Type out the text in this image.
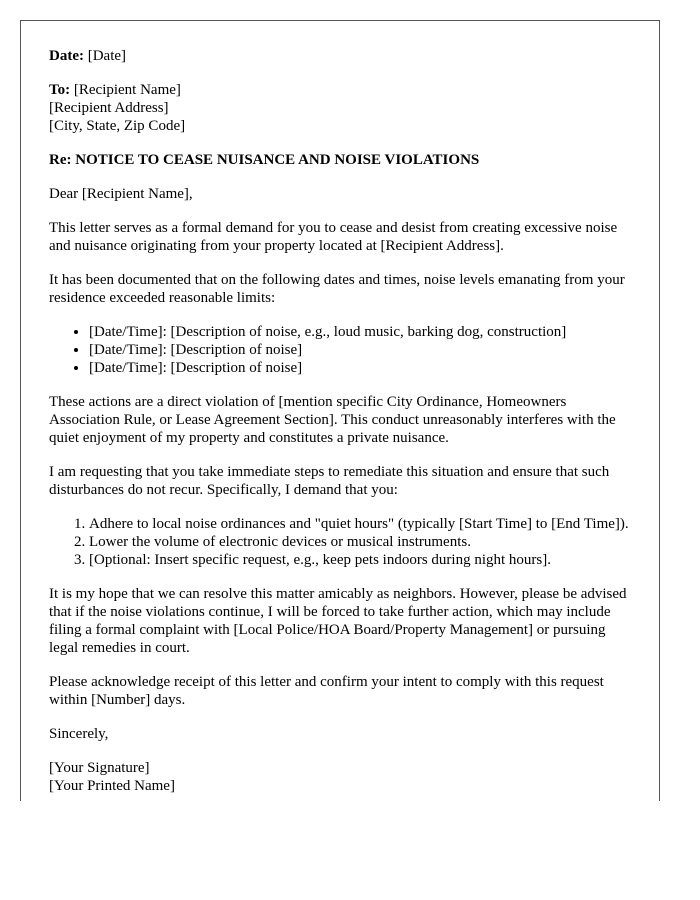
Date: [Date]

To: [Recipient Name]
[Recipient Address]
[City, State, Zip Code]

Re: NOTICE TO CEASE NUISANCE AND NOISE VIOLATIONS

Dear [Recipient Name],

This letter serves as a formal demand for you to cease and desist from creating excessive noise and nuisance originating from your property located at [Recipient Address].

It has been documented that on the following dates and times, noise levels emanating from your residence exceeded reasonable limits:

• [Date/Time]: [Description of noise, e.g., loud music, barking dog, construction]
• [Date/Time]: [Description of noise]
• [Date/Time]: [Description of noise]

These actions are a direct violation of [mention specific City Ordinance, Homeowners Association Rule, or Lease Agreement Section]. This conduct unreasonably interferes with the quiet enjoyment of my property and constitutes a private nuisance.

I am requesting that you take immediate steps to remediate this situation and ensure that such disturbances do not recur. Specifically, I demand that you:

1. Adhere to local noise ordinances and "quiet hours" (typically [Start Time] to [End Time]).
2. Lower the volume of electronic devices or musical instruments.
3. [Optional: Insert specific request, e.g., keep pets indoors during night hours].

It is my hope that we can resolve this matter amicably as neighbors. However, please be advised that if the noise violations continue, I will be forced to take further action, which may include filing a formal complaint with [Local Police/HOA Board/Property Management] or pursuing legal remedies in court.

Please acknowledge receipt of this letter and confirm your intent to comply with this request within [Number] days.

Sincerely,

[Your Signature]
[Your Printed Name]
